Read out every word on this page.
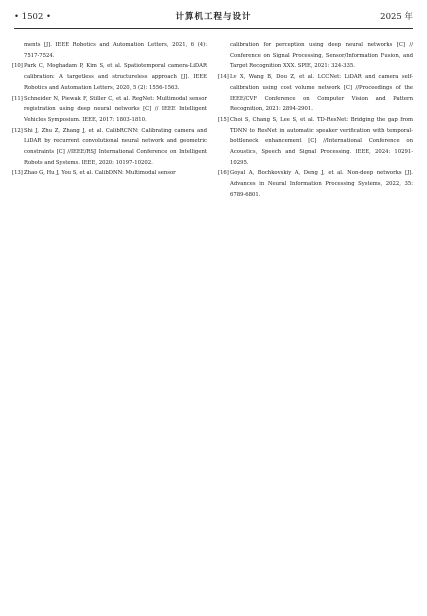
• 1502 •	计算机工程与设计	2025 年

ments [J]. IEEE Robotics and Automation Letters, 2021, 6 (4): 7517-7524.

[10] Park C, Moghadam P, Kim S, et al. Spatiotemporal camera-LiDAR calibration: A targetless and structureless approach [J]. IEEE Robotics and Automation Letters, 2020, 5 (2): 1556-1563.

[11] Schneider N, Piewak F, Stiller C, et al. RegNet: Multimodal sensor registration using deep neural networks [C] // IEEE Intelligent Vehicles Symposium. IEEE, 2017: 1803-1810.

[12] Shi J, Zhu Z, Zhang J, et al. CalibRCNN: Calibrating camera and LiDAR by recurrent convolutional neural network and geometric constraints [C] //IEEE/RSJ International Conference on Intelligent Robots and Systems. IEEE, 2020: 10197-10202.

[13] Zhao G, Hu J, You S, et al. CalibDNN: Multimodal sensor

calibration for perception using deep neural networks [C] // Conference on Signal Processing, Sensor/Information Fusion, and Target Recognition XXX. SPIE, 2021: 324-335.

[14] Lv X, Wang B, Dou Z, et al. LCCNet: LiDAR and camera self-calibration using cost volume network [C] //Proceedings of the IEEE/CVF Conference on Computer Vision and Pattern Recognition, 2021: 2894-2901.

[15] Choi S, Chang S, Lee S, et al. TD-ResNet: Bridging the gap from TDNN to ResNet in automatic speaker verification with temporal-bottleneck enhancement [C] //International Conference on Acoustics, Speech and Signal Processing. IEEE, 2024: 10291-10295.

[16] Goyal A, Bochkovskiy A, Deng J, et al. Non-deep networks [J]. Advances in Neural Information Processing Systems, 2022, 35: 6789-6801.
